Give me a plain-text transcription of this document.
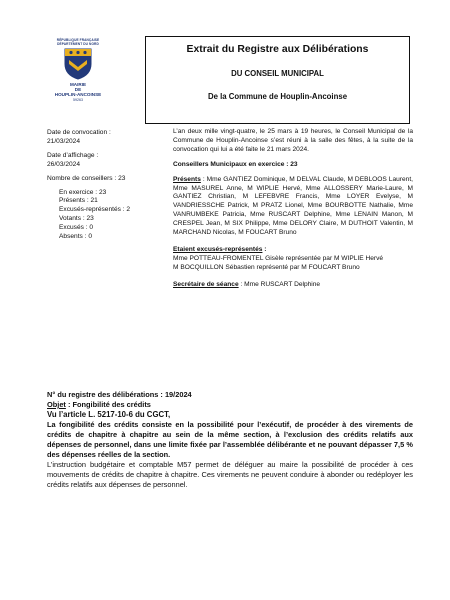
RÉPUBLIQUE FRANÇAISE
DÉPARTEMENT DU NORD
MAIRIE
DE
HOUPLIN-ANCOINSE
59263
Extrait du Registre aux Délibérations
DU CONSEIL MUNICIPAL
De la Commune de Houplin-Ancoinse
Date de convocation :
21/03/2024
Date d’affichage :
26/03/2024
Nombre de conseillers : 23
En exercice : 23
Présents : 21
Excusés-représentés : 2
Votants : 23
Excusés : 0
Absents : 0

L’an deux mille vingt-quatre, le 25 mars à 19 heures, le Conseil Municipal de la Commune de Houplin-Ancoinse s’est réuni à la salle des fêtes, à la suite de la convocation qui lui a été faite le 21 mars 2024.

Conseillers Municipaux en exercice : 23

Présents : Mme GANTIEZ Dominique, M DELVAL Claude, M DEBLOOS Laurent, Mme MASUREL Anne, M WIPLIE Hervé, Mme ALLOSSERY Marie-Laure, M GANTIEZ Christian, M LEFEBVRE Francis, Mme LOYER Evelyse, M VANDRIESSCHE Patrick, M PRATZ Lionel, Mme BOURBOTTE Nathalie, Mme VANRUMBEKE Patricia, Mme RUSCART Delphine, Mme LENAIN Manon, M CRESPEL Jean, M SIX Philippe, Mme DELORY Claire, M DUTHOIT Valentin, M MARCHAND Nicolas, M FOUCART Bruno

Etaient excusés-représentés :

Mme POTTEAU-FROMENTEL Gisèle représentée par M WIPLIE Hervé

M BOCQUILLON Sébastien représenté par M FOUCART Bruno

Secrétaire de séance : Mme RUSCART Delphine

N° du registre des délibérations : 19/2024

Objet : Fongibilité des crédits

Vu l’article L. 5217-10-6 du CGCT,

La fongibilité des crédits consiste en la possibilité pour l’exécutif, de procéder à des virements de crédits de chapitre à chapitre au sein de la même section, à l’exclusion des crédits relatifs aux dépenses de personnel, dans une limite fixée par l’assemblée délibérante et ne pouvant dépasser 7,5 % des dépenses réelles de la section.

L’instruction budgétaire et comptable M57 permet de déléguer au maire la possibilité de procéder à ces mouvements de crédits de chapitre à chapitre. Ces virements ne peuvent conduire à abonder ou redéployer les crédits relatifs aux dépenses de personnel.
